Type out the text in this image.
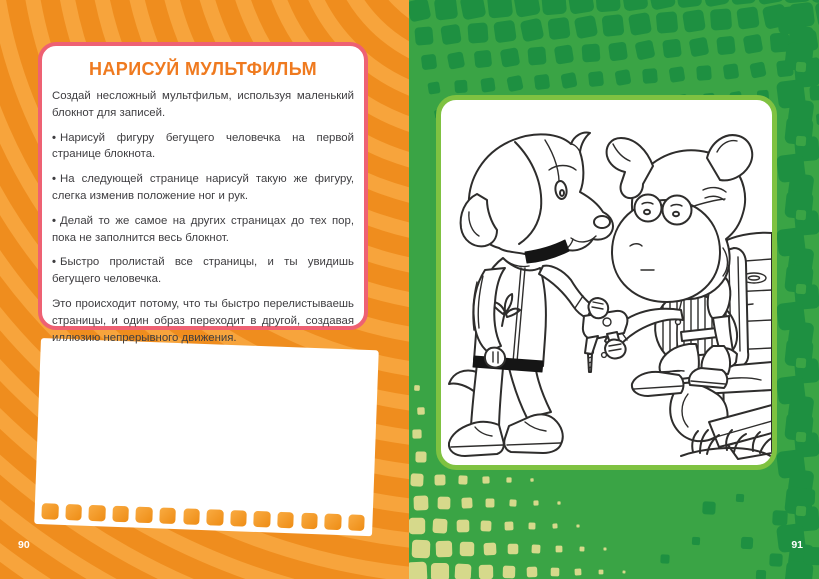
НАРИСУЙ МУЛЬТФИЛЬМ

Создай несложный мультфильм, используя маленький блокнот для записей.

• Нарисуй фигуру бегущего человечка на первой странице блокнота.

• На следующей странице нарисуй такую же фигуру, слегка изменив положение ног и рук.

• Делай то же самое на других страницах до тех пор, пока не заполнится весь блокнот.

• Быстро пролистай все страницы, и ты увидишь бегущего человечка.

Это происходит потому, что ты быстро перелистываешь страницы, и один образ переходит в другой, создавая иллюзию непрерывного движения.

90	91
